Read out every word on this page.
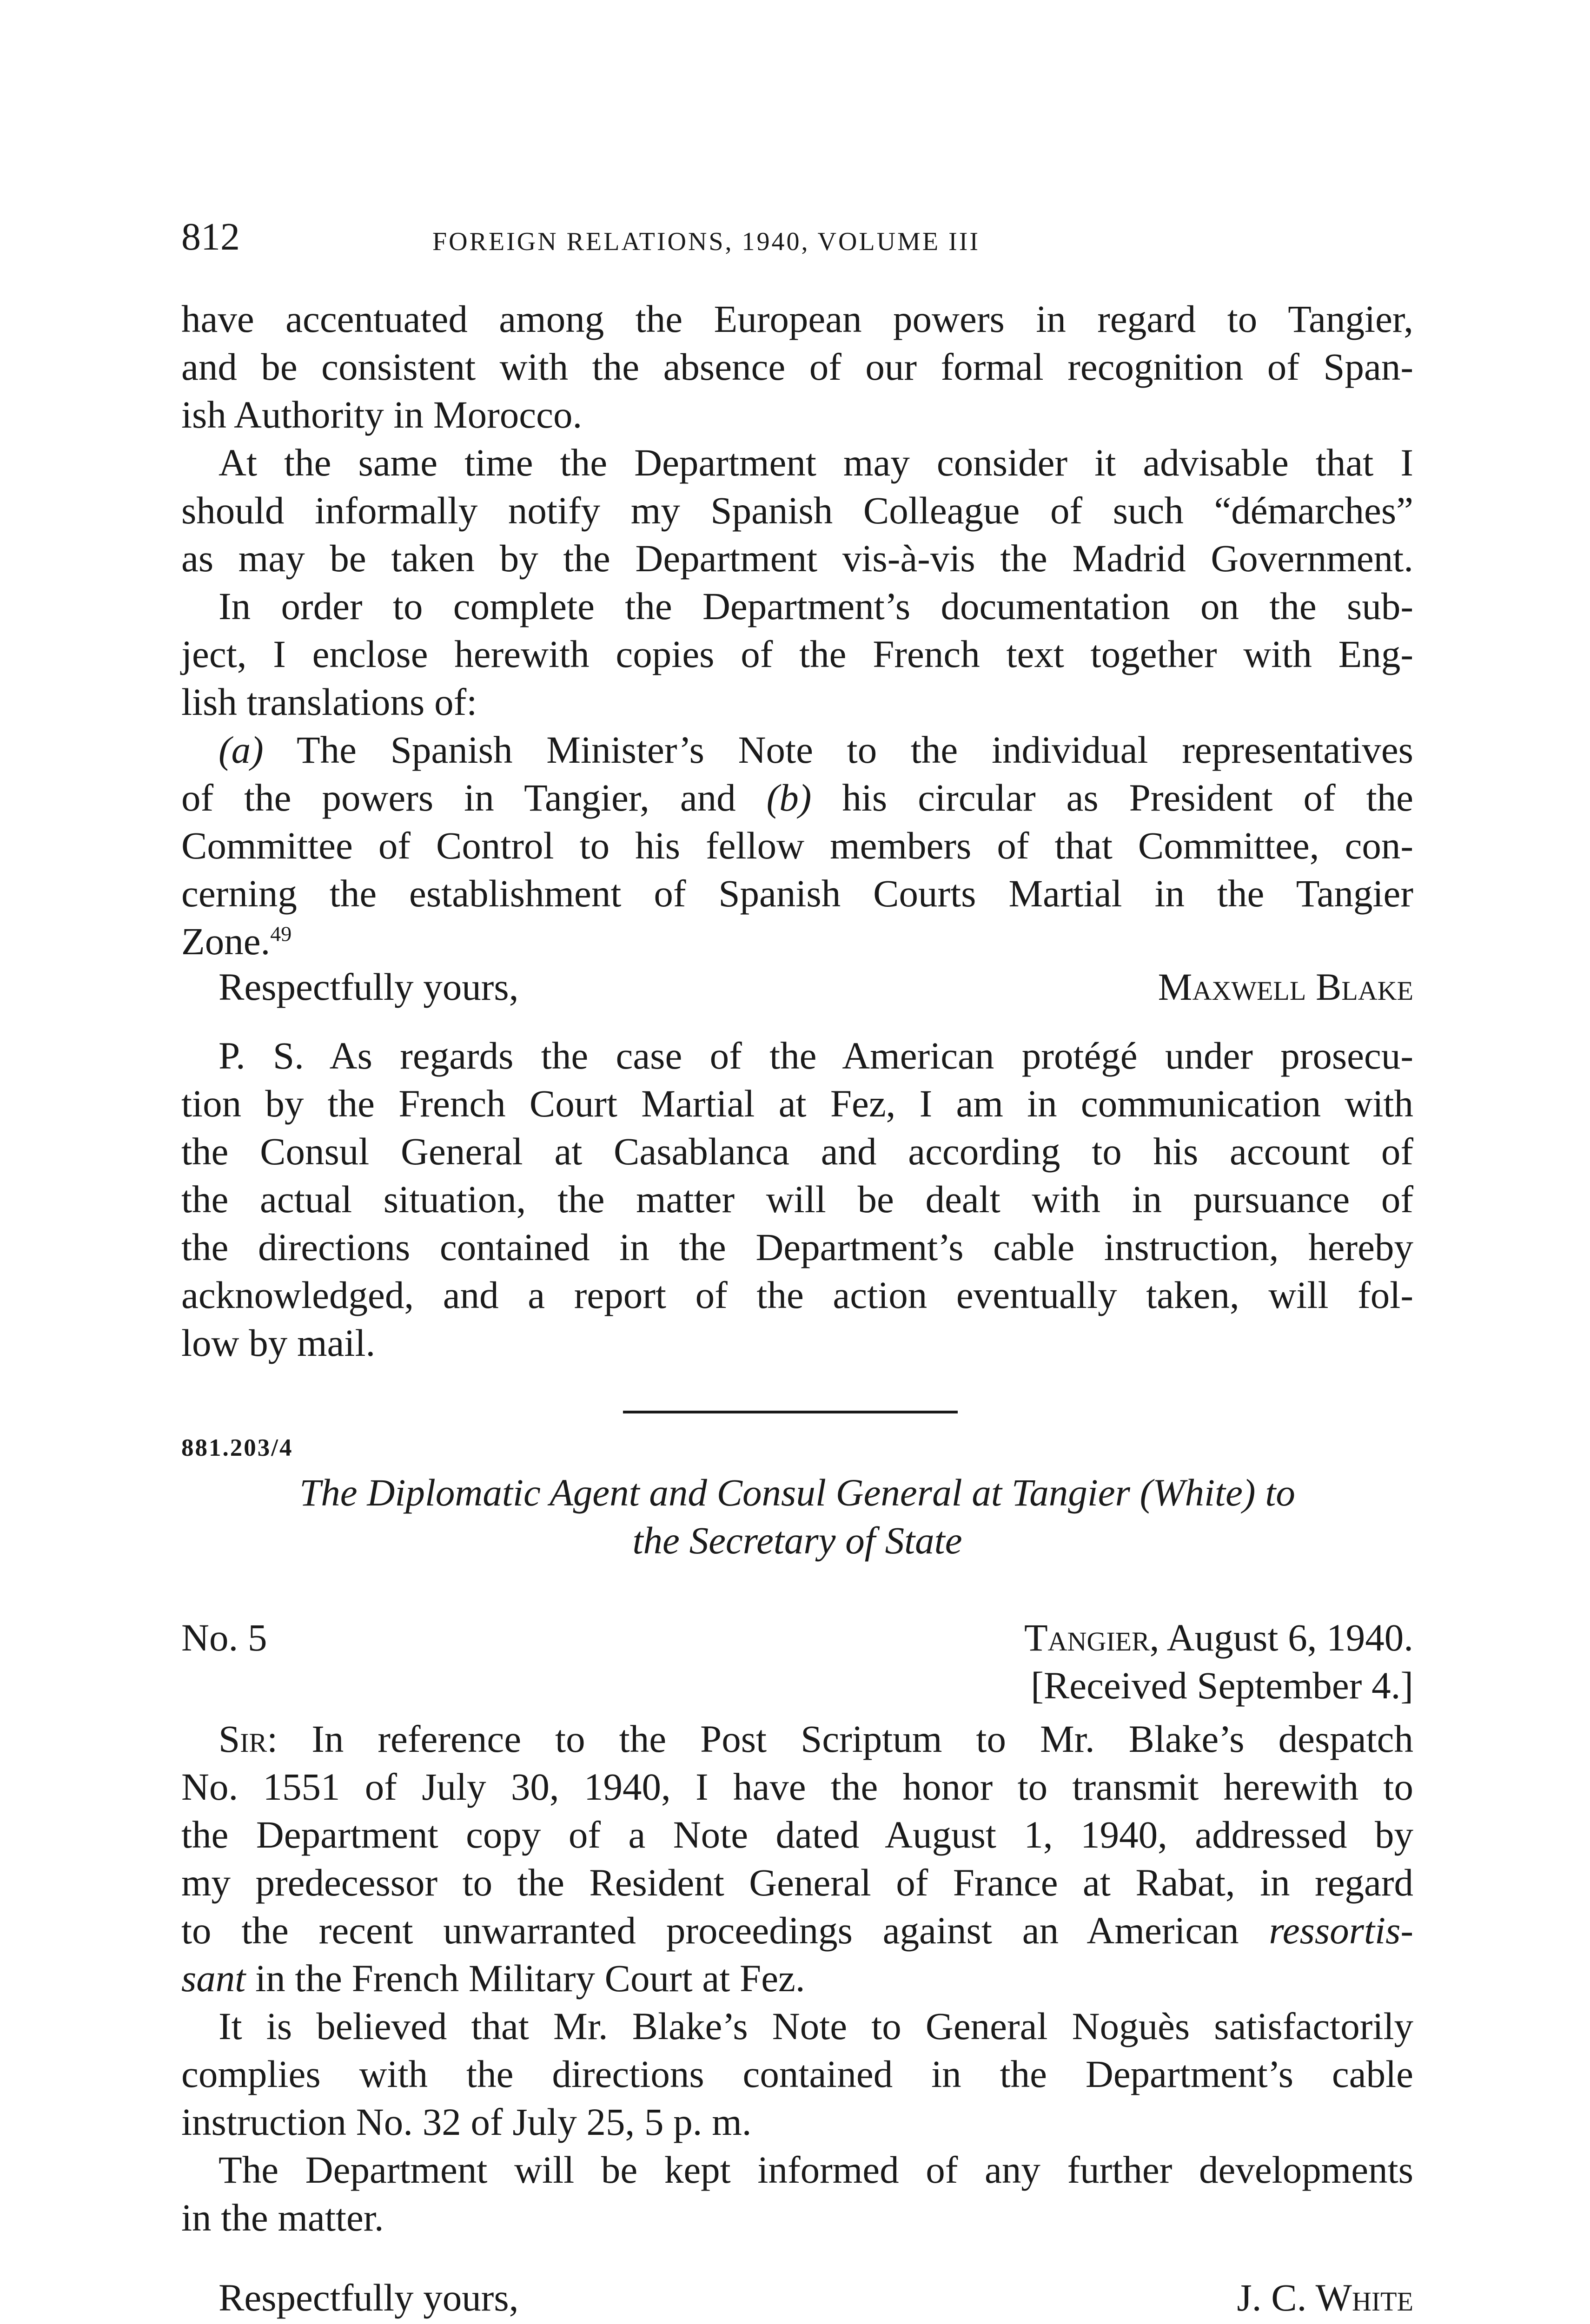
812	FOREIGN RELATIONS, 1940, VOLUME III
have accentuated among the European powers in regard to Tangier,
and be consistent with the absence of our formal recognition of Span-
ish Authority in Morocco.
At the same time the Department may consider it advisable that I
should informally notify my Spanish Colleague of such “démarches”
as may be taken by the Department vis-à-vis the Madrid Government.
In order to complete the Department’s documentation on the sub-
ject, I enclose herewith copies of the French text together with Eng-
lish translations of:
(a) The Spanish Minister’s Note to the individual representatives
of the powers in Tangier, and (b) his circular as President of the
Committee of Control to his fellow members of that Committee, con-
cerning the establishment of Spanish Courts Martial in the Tangier
Zone.$^{49}$
Respectfully yours,	Maxwell Blake
P. S. As regards the case of the American protégé under prosecu-
tion by the French Court Martial at Fez, I am in communication with
the Consul General at Casablanca and according to his account of
the actual situation, the matter will be dealt with in pursuance of
the directions contained in the Department’s cable instruction, hereby
acknowledged, and a report of the action eventually taken, will fol-
low by mail.
881.203/4
The Diplomatic Agent and Consul General at Tangier (White) to
the Secretary of State
No. 5	Tangier, August 6, 1940.
[Received September 4.]
Sir: In reference to the Post Scriptum to Mr. Blake’s despatch
No. 1551 of July 30, 1940, I have the honor to transmit herewith to
the Department copy of a Note dated August 1, 1940, addressed by
my predecessor to the Resident General of France at Rabat, in regard
to the recent unwarranted proceedings against an American ressortis-
sant in the French Military Court at Fez.
It is believed that Mr. Blake’s Note to General Noguès satisfactorily
complies with the directions contained in the Department’s cable
instruction No. 32 of July 25, 5 p. m.
The Department will be kept informed of any further developments
in the matter.
Respectfully yours,	J. C. White
